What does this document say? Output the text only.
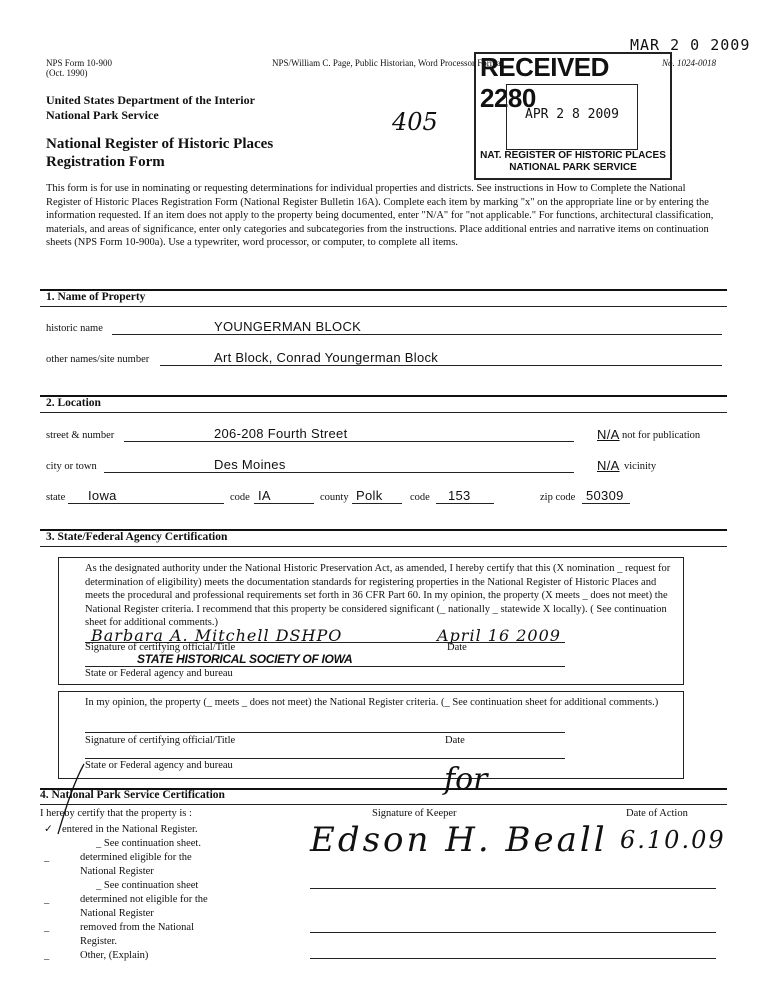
NPS Form 10-900
(Oct. 1990)
NPS/William C. Page, Public Historian, Word Processor Format	No. 1024-0018
United States Department of the Interior
National Park Service
National Register of Historic Places
Registration Form
405
MAR 2 0 2009
RECEIVED 2280
APR 2 8 2009
NAT. REGISTER OF HISTORIC PLACES
NATIONAL PARK SERVICE
This form is for use in nominating or requesting determinations for individual properties and districts. See instructions in How to Complete the National Register of Historic Places Registration Form (National Register Bulletin 16A). Complete each item by marking "x" on the appropriate line or by entering the information requested. If an item does not apply to the property being documented, enter "N/A" for "not applicable." For functions, architectural classification, materials, and areas of significance, enter only categories and subcategories from the instructions. Place additional entries and narrative items on continuation sheets (NPS Form 10-900a). Use a typewriter, word processor, or computer, to complete all items.
1. Name of Property
historic name	YOUNGERMAN BLOCK
other names/site number	Art Block, Conrad Youngerman Block
2. Location
street & number	206-208 Fourth Street	N/A not for publication
city or town	Des Moines	N/A vicinity
state Iowa	code IA	county Polk	code 153	zip code 50309
3. State/Federal Agency Certification
As the designated authority under the National Historic Preservation Act, as amended, I hereby certify that this (X nomination _ request for determination of eligibility) meets the documentation standards for registering properties in the National Register of Historic Places and meets the procedural and professional requirements set forth in 36 CFR Part 60. In my opinion, the property (X meets _ does not meet) the National Register criteria. I recommend that this property be considered significant (_ nationally _ statewide X locally). ( See continuation sheet for additional comments.)
Barbara A. Mitchell DSHPO	April 16 2009
Signature of certifying official/Title	Date
STATE HISTORICAL SOCIETY OF IOWA
State or Federal agency and bureau
In my opinion, the property (_ meets _ does not meet) the National Register criteria. (_ See continuation sheet for additional comments.)
Signature of certifying official/Title	Date
State or Federal agency and bureau
4. National Park Service Certification
I hereby certify that the property is :	Signature of Keeper	Date of Action
for
Edson H. Beall 6.10.09
✓ entered in the National Register.
_ See continuation sheet.
_	determined eligible for the
National Register
_ See continuation sheet
_	determined not eligible for the
National Register
_	removed from the National
Register.
_	Other, (Explain)
